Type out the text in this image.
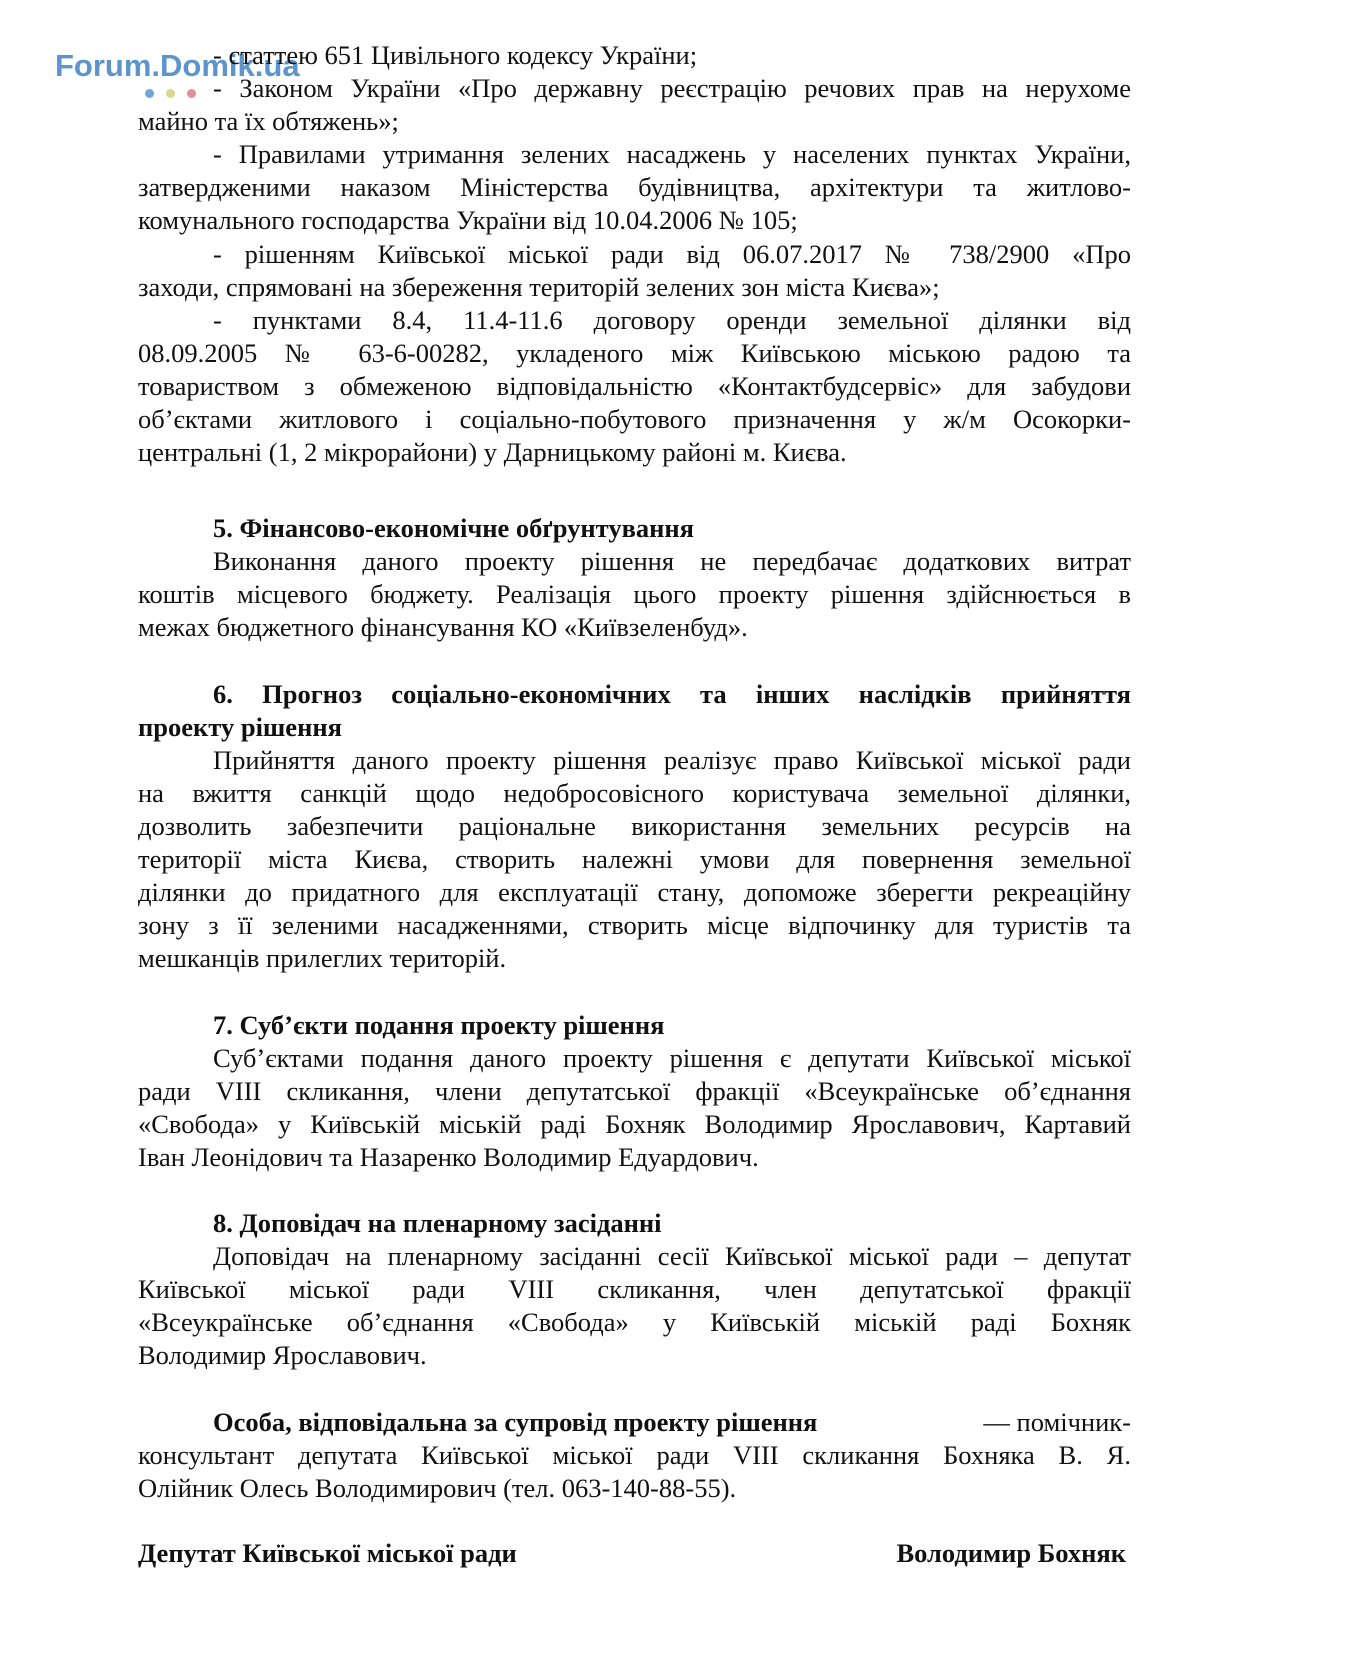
Forum.Domik.ua
- статтею 651 Цивільного кодексу України;
- Законом України «Про державну реєстрацію речових прав на нерухоме
майно та їх обтяжень»;
- Правилами утримання зелених насаджень у населених пунктах України,
затвердженими наказом Міністерства будівництва, архітектури та житлово-
комунального господарства України від 10.04.2006 № 105;
- рішенням Київської міської ради від 06.07.2017 № 738/2900 «Про
заходи, спрямовані на збереження територій зелених зон міста Києва»;
- пунктами 8.4, 11.4-11.6 договору оренди земельної ділянки від
08.09.2005 № 63-6-00282, укладеного між Київською міською радою та
товариством з обмеженою відповідальністю «Контактбудсервіс» для забудови
об’єктами житлового і соціально-побутового призначення у ж/м Осокорки-
центральні (1, 2 мікрорайони) у Дарницькому районі м. Києва.
5. Фінансово-економічне обґрунтування
Виконання даного проекту рішення не передбачає додаткових витрат
коштів місцевого бюджету. Реалізація цього проекту рішення здійснюється в
межах бюджетного фінансування КО «Київзеленбуд».
6. Прогноз соціально-економічних та інших наслідків прийняття
проекту рішення
Прийняття даного проекту рішення реалізує право Київської міської ради
на вжиття санкцій щодо недобросовісного користувача земельної ділянки,
дозволить забезпечити раціональне використання земельних ресурсів на
території міста Києва, створить належні умови для повернення земельної
ділянки до придатного для експлуатації стану, допоможе зберегти рекреаційну
зону з її зеленими насадженнями, створить місце відпочинку для туристів та
мешканців прилеглих територій.
7. Суб’єкти подання проекту рішення
Суб’єктами подання даного проекту рішення є депутати Київської міської
ради VIII скликання, члени депутатської фракції «Всеукраїнське об’єднання
«Свобода» у Київській міській раді Бохняк Володимир Ярославович, Картавий
Іван Леонідович та Назаренко Володимир Едуардович.
8. Доповідач на пленарному засіданні
Доповідач на пленарному засіданні сесії Київської міської ради – депутат
Київської міської ради VIII скликання, член депутатської фракції
«Всеукраїнське об’єднання «Свобода» у Київській міській раді Бохняк
Володимир Ярославович.
Особа, відповідальна за супровід проекту рішення	— помічник-
консультант депутата Київської міської ради VIII скликання Бохняка В. Я.
Олійник Олесь Володимирович (тел. 063-140-88-55).
Депутат Київської міської ради	Володимир Бохняк
